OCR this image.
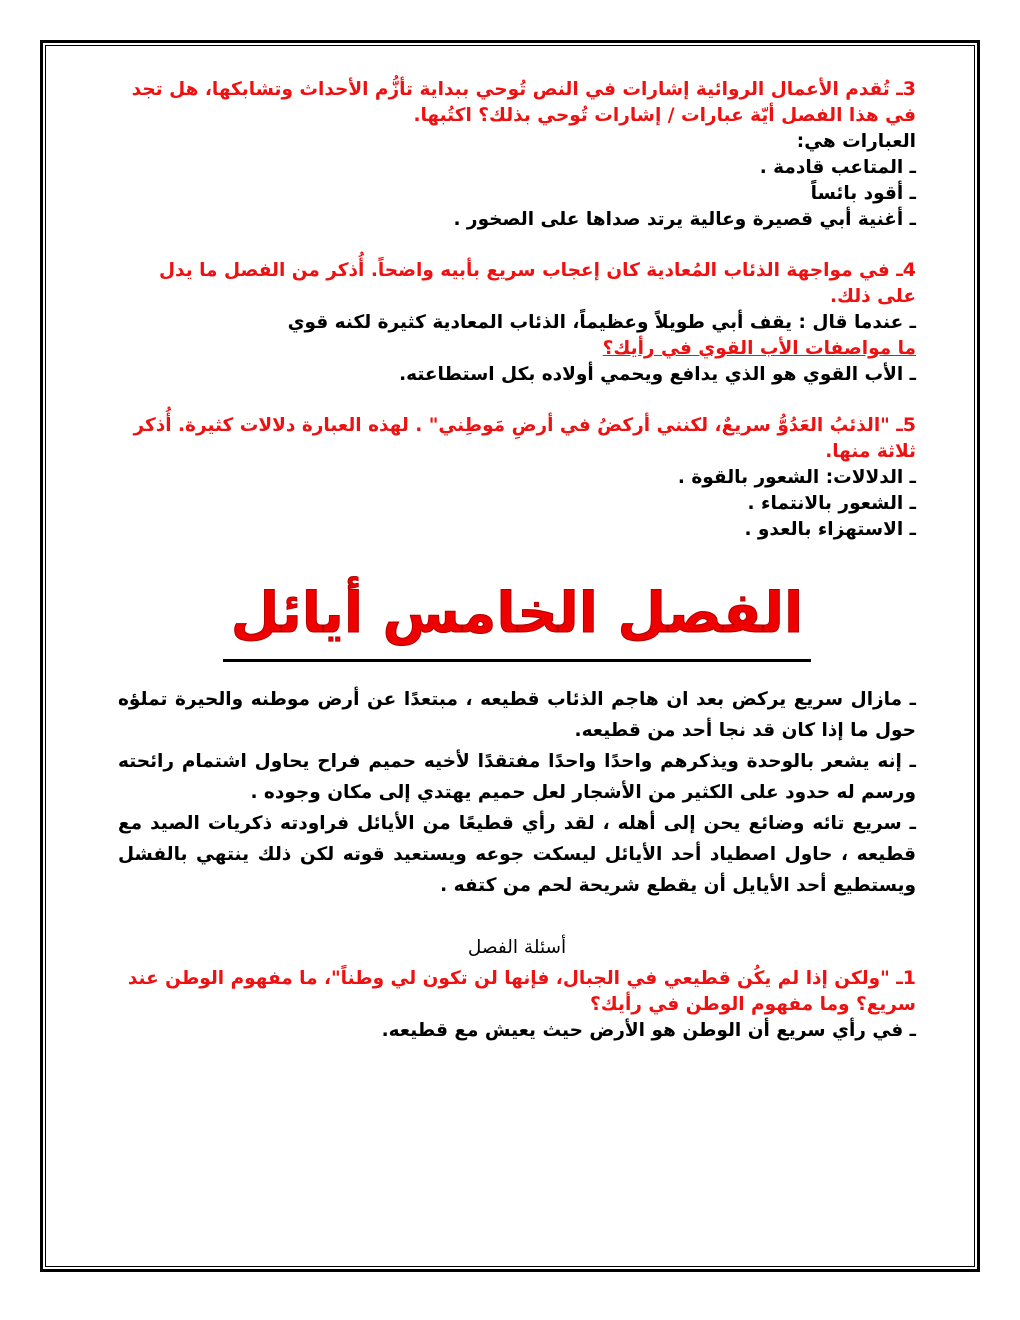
3ـ تُقدم الأعمال الروائية إشارات في النص تُوحي ببداية تأزُّم الأحداث وتشابكها، هل تجد في هذا الفصل أيّة عبارات / إشارات تُوحي بذلك؟ اكتُبها.

العبارات هي:

ـ المتاعب قادمة .

ـ أقود بائساً

ـ أغنية أبي قصيرة وعالية يرتد صداها على الصخور .

4ـ في مواجهة الذئاب المُعادية كان إعجاب سريع بأبيه واضحاً. أُذكر من الفصل ما يدل على ذلك.

ـ عندما قال : يقف أبي طويلاً وعظيماً، الذئاب المعادية كثيرة لكنه قوي

ما مواصفات الأب القوي في رأيك؟

ـ الأب القوي هو الذي يدافع ويحمي أولاده بكل استطاعته.

5ـ "الذئبُ العَدُوُّ سريعٌ، لكنني أركضُ في أرضِ مَوطِني" . لهذه العبارة دلالات كثيرة. أُذكر ثلاثة منها.

ـ الدلالات: الشعور بالقوة .

ـ الشعور بالانتماء .

ـ الاستهزاء بالعدو .

الفصل الخامس أيائل

ـ مازال سريع يركض بعد ان هاجم الذئاب قطيعه ، مبتعدًا عن أرض موطنه والحيرة تملؤه حول ما إذا كان قد نجا أحد من قطيعه.

ـ إنه يشعر بالوحدة ويذكرهم واحدًا واحدًا مفتقدًا لأخيه حميم فراح يحاول اشتمام رائحته ورسم له حدود على الكثير من الأشجار لعل حميم يهتدي إلى مكان وجوده .

ـ سريع تائه وضائع يحن إلى أهله ، لقد رأي قطيعًا من الأيائل فراودته ذكريات الصيد مع قطيعه ، حاول اصطياد أحد الأيائل ليسكت جوعه ويستعيد قوته لكن ذلك ينتهي بالفشل ويستطيع أحد الأيايل أن يقطع شريحة لحم من كتفه .

أسئلة الفصل

1ـ "ولكن إذا لم يكُن قطيعي في الجبال، فإنها لن تكون لي وطناً"، ما مفهوم الوطن عند سريع؟ وما مفهوم الوطن في رأيك؟

ـ في رأي سريع أن الوطن هو الأرض حيث يعيش مع قطيعه.
